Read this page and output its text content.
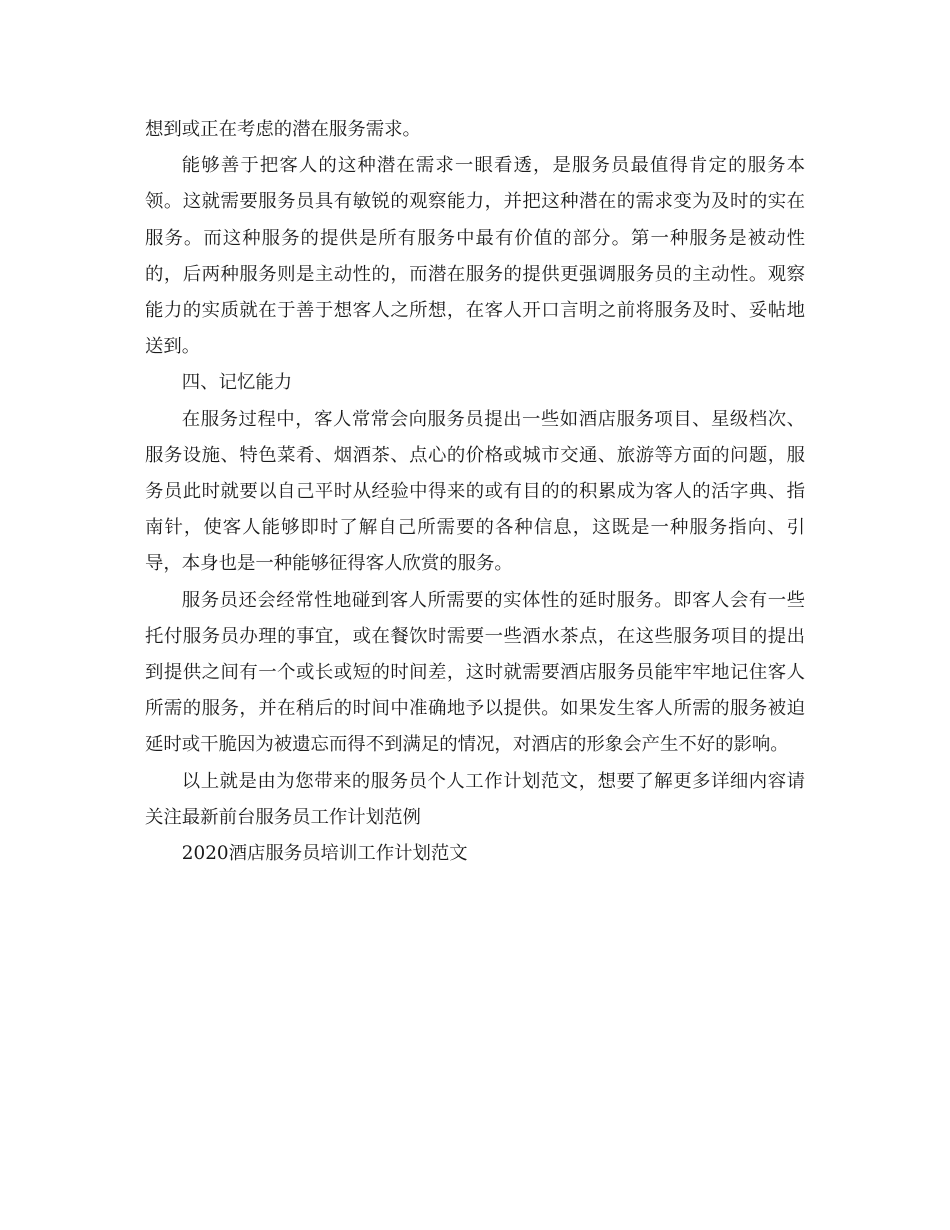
想到或正在考虑的潜在服务需求。
能够善于把客人的这种潜在需求一眼看透，是服务员最值得肯定的服务本
领。这就需要服务员具有敏锐的观察能力，并把这种潜在的需求变为及时的实在
服务。而这种服务的提供是所有服务中最有价值的部分。第一种服务是被动性
的，后两种服务则是主动性的，而潜在服务的提供更强调服务员的主动性。观察
能力的实质就在于善于想客人之所想，在客人开口言明之前将服务及时、妥帖地
送到。
四、记忆能力
在服务过程中，客人常常会向服务员提出一些如酒店服务项目、星级档次、
服务设施、特色菜肴、烟酒茶、点心的价格或城市交通、旅游等方面的问题，服
务员此时就要以自己平时从经验中得来的或有目的的积累成为客人的活字典、指
南针，使客人能够即时了解自己所需要的各种信息，这既是一种服务指向、引
导，本身也是一种能够征得客人欣赏的服务。
服务员还会经常性地碰到客人所需要的实体性的延时服务。即客人会有一些
托付服务员办理的事宜，或在餐饮时需要一些酒水茶点，在这些服务项目的提出
到提供之间有一个或长或短的时间差，这时就需要酒店服务员能牢牢地记住客人
所需的服务，并在稍后的时间中准确地予以提供。如果发生客人所需的服务被迫
延时或干脆因为被遗忘而得不到满足的情况，对酒店的形象会产生不好的影响。
以上就是由为您带来的服务员个人工作计划范文，想要了解更多详细内容请
关注最新前台服务员工作计划范例
2020酒店服务员培训工作计划范文
